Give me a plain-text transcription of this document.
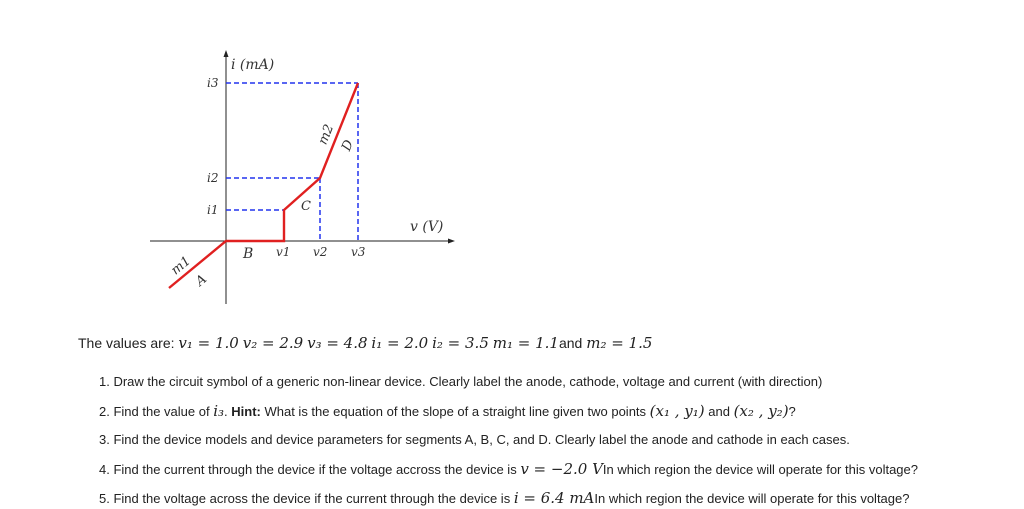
i (mA)
v (V)
i3
i2
i1
v1 v2 v3
A
B
C
D
m1
m2
The values are: v₁ = 1.0 v₂ = 2.9 v₃ = 4.8 i₁ = 2.0 i₂ = 3.5 m₁ = 1.1and m₂ = 1.5
1. Draw the circuit symbol of a generic non-linear device. Clearly label the anode, cathode, voltage and current (with direction)
2. Find the value of i₃. Hint: What is the equation of the slope of a straight line given two points (x₁ , y₁) and (x₂ , y₂)?
3. Find the device models and device parameters for segments A, B, C, and D. Clearly label the anode and cathode in each cases.
4. Find the current through the device if the voltage accross the device is v = −2.0 VIn which region the device will operate for this voltage?
5. Find the voltage across the device if the current through the device is i = 6.4 mAIn which region the device will operate for this voltage?
